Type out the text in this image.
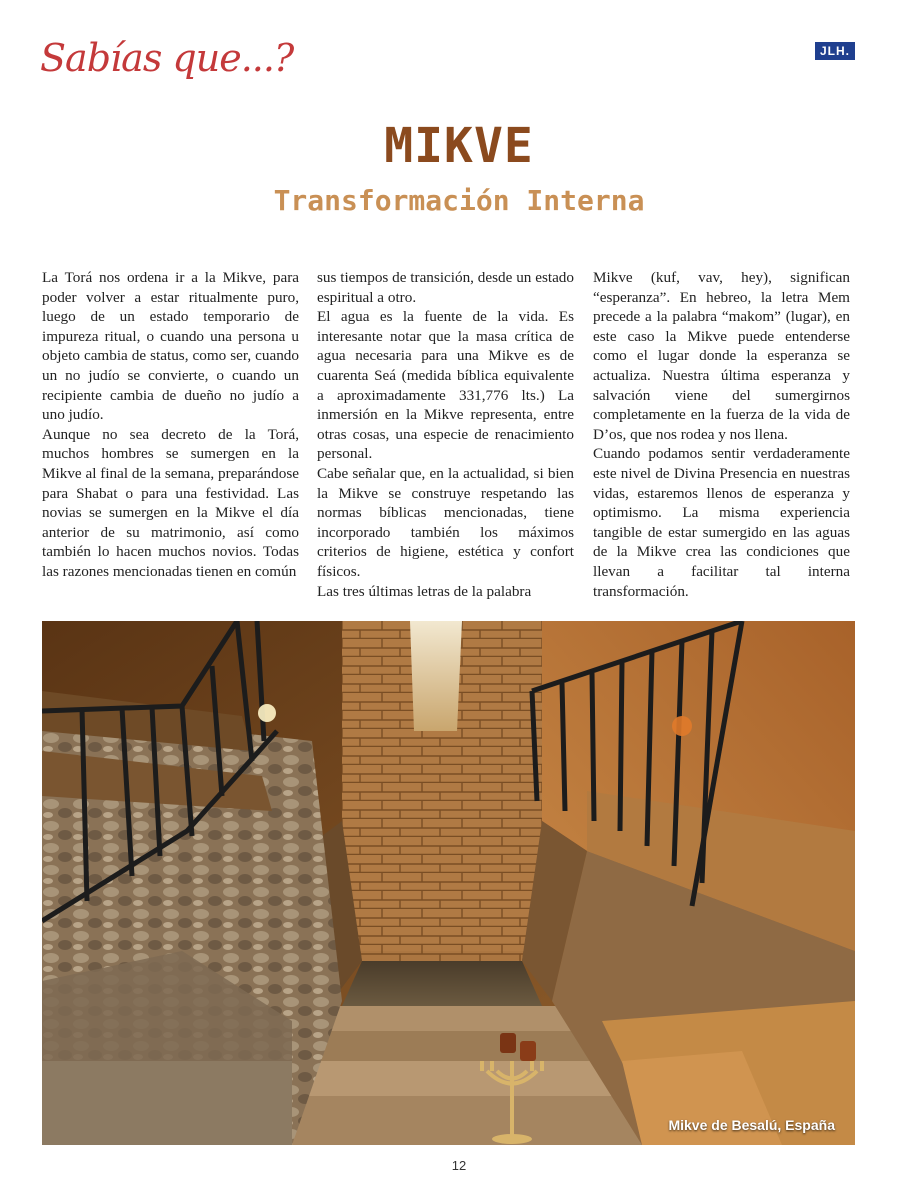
Sabías que...?	JLH.
MIKVE
Transformación Interna

La Torá nos ordena ir a la Mikve, para poder volver a estar ritualmente puro, luego de un estado temporario de impureza ritual, o cuando una persona u objeto cambia de status, como ser, cuando un no judío se convierte, o cuando un recipiente cambia de dueño no judío a uno judío.

Aunque no sea decreto de la Torá, muchos hombres se sumergen en la Mikve al final de la semana, preparándose para Shabat o para una festividad. Las novias se sumergen en la Mikve el día anterior de su matrimonio, así como también lo hacen muchos novios. Todas las razones mencionadas tienen en común

sus tiempos de transición, desde un estado espiritual a otro.

El agua es la fuente de la vida. Es interesante notar que la masa crítica de agua necesaria para una Mikve es de cuarenta Seá (medida bíblica equivalente a aproximadamente 331,776 lts.) La inmersión en la Mikve representa, entre otras cosas, una especie de renacimiento personal.

Cabe señalar que, en la actualidad, si bien la Mikve se construye respetando las normas bíblicas mencionadas, tiene incorporado también los máximos criterios de higiene, estética y confort físicos.

Las tres últimas letras de la palabra

Mikve (kuf, vav, hey), significan “esperanza”. En hebreo, la letra Mem precede a la palabra “makom” (lugar), en este caso la Mikve puede entenderse como el lugar donde la esperanza se actualiza. Nuestra última esperanza y salvación viene del sumergirnos completamente en la fuerza de la vida de D’os, que nos rodea y nos llena.

Cuando podamos sentir verdaderamente este nivel de Divina Presencia en nuestras vidas, estaremos llenos de esperanza y optimismo. La misma experiencia tangible de estar sumergido en las aguas de la Mikve crea las condiciones que llevan a facilitar tal interna transformación.

Mikve de Besalú, España
12
